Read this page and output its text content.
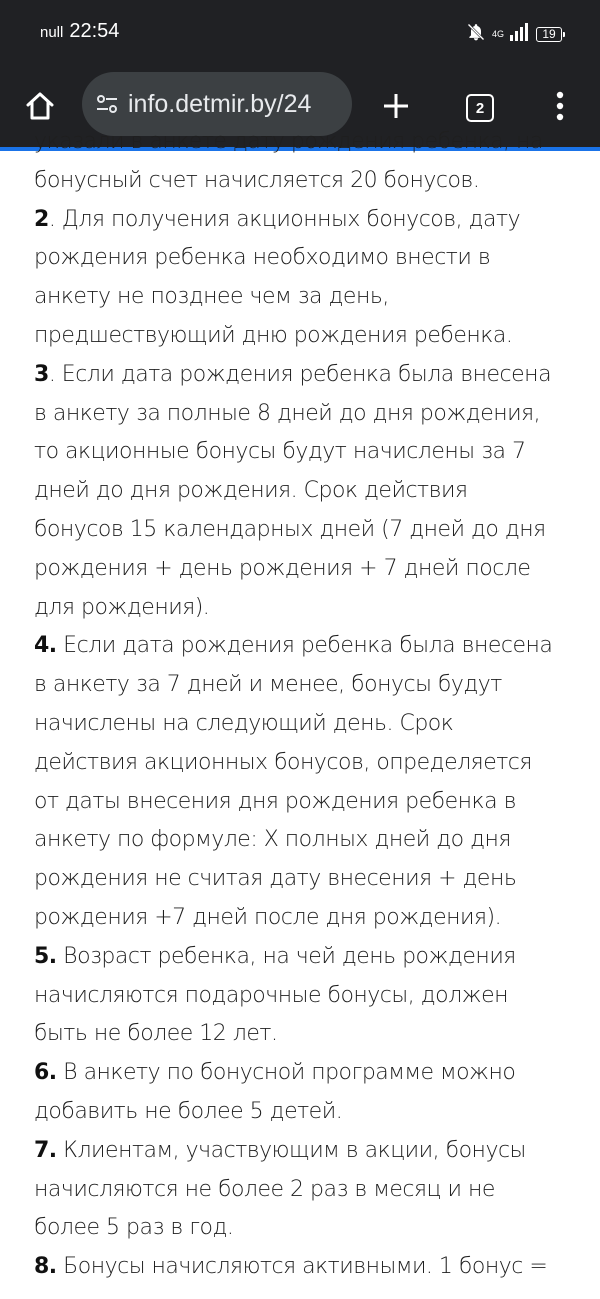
null 22:54	4G	19
info.detmir.by/24	2
указали в анкете дату рождения ребенка, на
бонусный счет начисляется 20 бонусов.
2. Для получения акционных бонусов, дату
рождения ребенка необходимо внести в
анкету не позднее чем за день,
предшествующий дню рождения ребенка.
3. Если дата рождения ребенка была внесена
в анкету за полные 8 дней до дня рождения,
то акционные бонусы будут начислены за 7
дней до дня рождения. Срок действия
бонусов 15 календарных дней (7 дней до дня
рождения + день рождения + 7 дней после
для рождения).
4. Если дата рождения ребенка была внесена
в анкету за 7 дней и менее, бонусы будут
начислены на следующий день. Срок
действия акционных бонусов, определяется
от даты внесения дня рождения ребенка в
анкету по формуле: X полных дней до дня
рождения не считая дату внесения + день
рождения +7 дней после дня рождения).
5. Возраст ребенка, на чей день рождения
начисляются подарочные бонусы, должен
быть не более 12 лет.
6. В анкету по бонусной программе можно
добавить не более 5 детей.
7. Клиентам, участвующим в акции, бонусы
начисляются не более 2 раз в месяц и не
более 5 раз в год.
8. Бонусы начисляются активными. 1 бонус =
